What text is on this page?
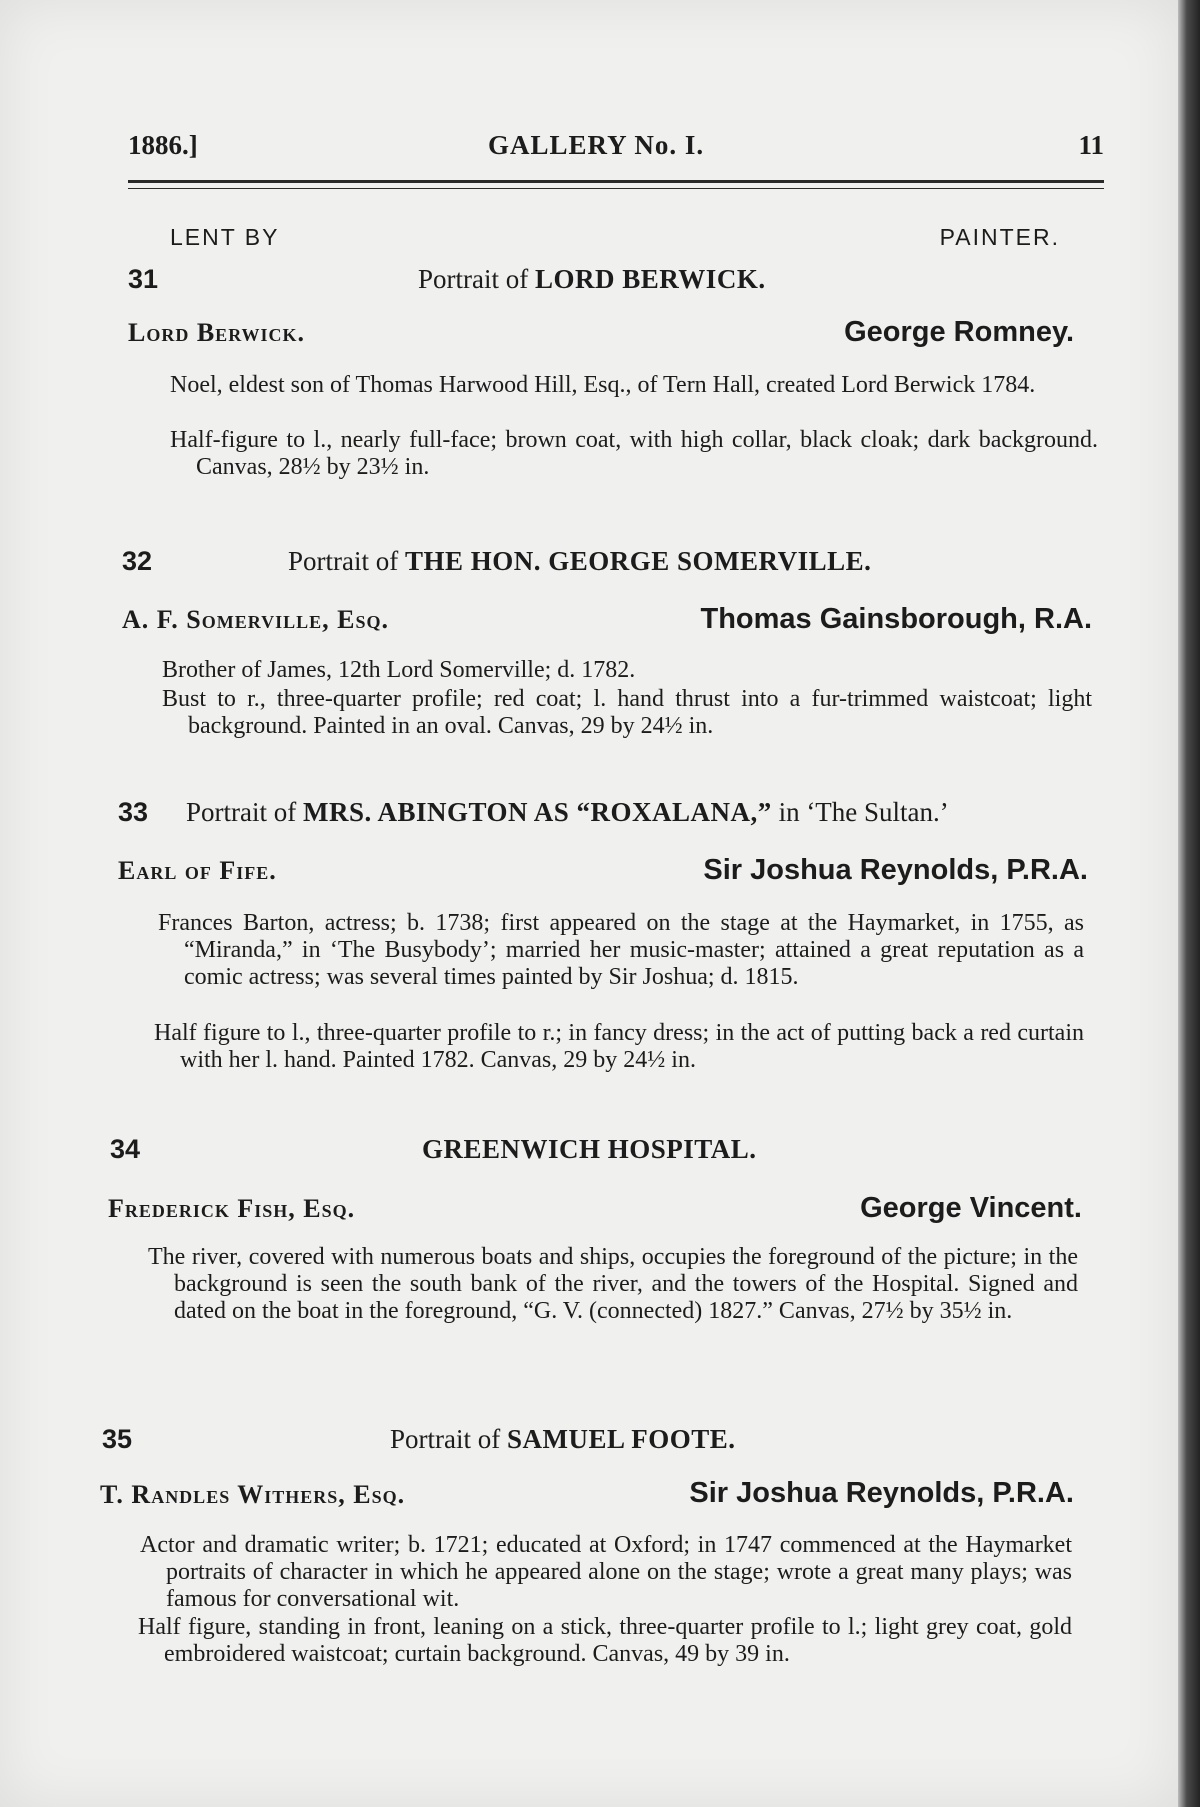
1886.]	GALLERY No. I.	11
LENT BY	PAINTER.
31	Portrait of LORD BERWICK.
Lord Berwick.	George Romney.
Noel, eldest son of Thomas Harwood Hill, Esq., of Tern Hall, created Lord Berwick 1784.
Half-figure to l., nearly full-face; brown coat, with high collar, black cloak; dark background. Canvas, 28½ by 23½ in.
32	Portrait of THE HON. GEORGE SOMERVILLE.
A. F. Somerville, Esq.	Thomas Gainsborough, R.A.
Brother of James, 12th Lord Somerville; d. 1782.
Bust to r., three-quarter profile; red coat; l. hand thrust into a fur-trimmed waistcoat; light background. Painted in an oval. Canvas, 29 by 24½ in.
33 Portrait of MRS. ABINGTON AS “ROXALANA,” in ‘The Sultan.’
Earl of Fife.	Sir Joshua Reynolds, P.R.A.
Frances Barton, actress; b. 1738; first appeared on the stage at the Haymarket, in 1755, as “Miranda,” in ‘The Busybody’; married her music-master; attained a great reputation as a comic actress; was several times painted by Sir Joshua; d. 1815.
Half figure to l., three-quarter profile to r.; in fancy dress; in the act of putting back a red curtain with her l. hand. Painted 1782. Canvas, 29 by 24½ in.
34	GREENWICH HOSPITAL.
Frederick Fish, Esq.	George Vincent.
The river, covered with numerous boats and ships, occupies the foreground of the picture; in the background is seen the south bank of the river, and the towers of the Hospital. Signed and dated on the boat in the foreground, “G. V. (connected) 1827.” Canvas, 27½ by 35½ in.
35	Portrait of SAMUEL FOOTE.
T. Randles Withers, Esq.	Sir Joshua Reynolds, P.R.A.
Actor and dramatic writer; b. 1721; educated at Oxford; in 1747 commenced at the Haymarket portraits of character in which he appeared alone on the stage; wrote a great many plays; was famous for conversational wit.
Half figure, standing in front, leaning on a stick, three-quarter profile to l.; light grey coat, gold embroidered waistcoat; curtain background. Canvas, 49 by 39 in.
